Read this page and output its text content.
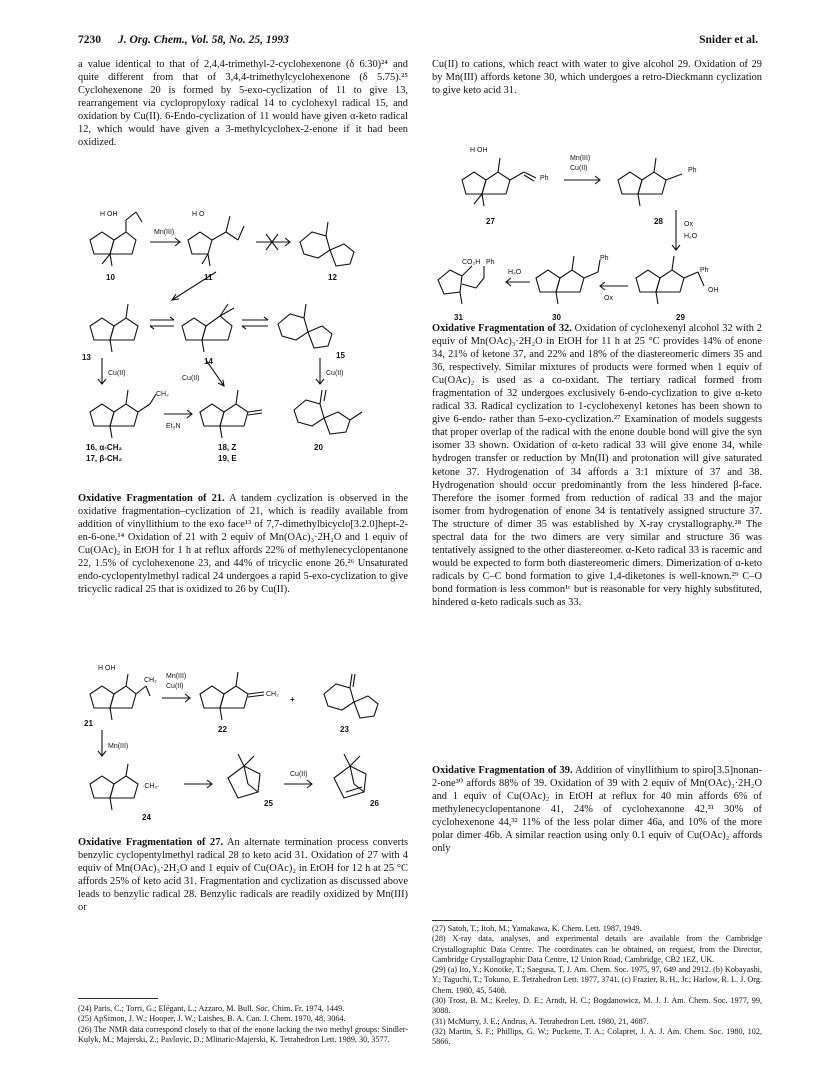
7230 J. Org. Chem., Vol. 58, No. 25, 1993	Snider et al.

a value identical to that of 2,4,4-trimethyl-2-cyclohexenone (δ 6.30)²⁴ and quite different from that of 3,4,4-trimethylcyclohexenone (δ 5.75).²⁵ Cyclohexenone 20 is formed by 5-exo-cyclization of 11 to give 13, rearrangement via cyclopropyloxy radical 14 to cyclohexyl radical 15, and oxidation by Cu(II). 6-Endo-cyclization of 11 would have given α-keto radical 12, which would have given a 3-methylcyclohex-2-enone if it had been oxidized.

H OH	H O
Mn(III)
10	11	12
13
Cu(II)
14
Cu(II)
15
Cu(II)
CH₂
Et₃N
16, α-CH₂
17, β-CH₂
18, Z
19, E
20

Oxidative Fragmentation of 21. A tandem cyclization is observed in the oxidative fragmentation–cyclization of 21, which is readily available from addition of vinyllithium to the exo face¹³ of 7,7-dimethylbicyclo[3.2.0]hept-2-en-6-one.¹⁴ Oxidation of 21 with 2 equiv of Mn(OAc)₃·2H₂O and 1 equiv of Cu(OAc)₂ in EtOH for 1 h at reflux affords 22% of methylenecyclopentanone 22, 1.5% of cyclohexenone 23, and 44% of tricyclic enone 26.²⁶ Unsaturated endo-cyclopentylmethyl radical 24 undergoes a rapid 5-exo-cyclization to give tricyclic radical 25 that is oxidized to 26 by Cu(II).

H OH
Mn(III)
Cu(II)
CH₂
CH₂
+
21
22	23
Mn(III)
·CH₂·
24
25
Cu(II)
26

Oxidative Fragmentation of 27. An alternate termination process converts benzylic cyclopentylmethyl radical 28 to keto acid 31. Oxidation of 27 with 4 equiv of Mn(OAc)₃·2H₂O and 1 equiv of Cu(OAc)₂ in EtOH for 12 h at 25 °C affords 25% of keto acid 31. Fragmentation and cyclization as discussed above leads to benzylic radical 28. Benzylic radicals are readily oxidized by Mn(III) or

(24) Paris, C.; Torri, G.; Elégant, L.; Azzaro, M. Bull. Soc. Chim. Fr. 1974, 1449.

(25) ApSimon, J. W.; Hooper, J. W.; Laishes, B. A. Can. J. Chem. 1970, 48, 3064.

(26) The NMR data correspond closely to that of the enone lacking the two methyl groups: Sindler-Kulyk, M.; Majerski, Z.; Pavlovic, D.; Mlinaric-Majerski, K. Tetrahedron Lett. 1989, 30, 3577.

Cu(II) to cations, which react with water to give alcohol 29. Oxidation of 29 by Mn(III) affords ketone 30, which undergoes a retro-Dieckmann cyclization to give keto acid 31.

H OH
Ph
Mn(III)
Cu(II)	Ph
27	28	Ox
H₂O
Ph
OH
Ox
Ph
H₂O
CO₂H Ph
31	30	29

Oxidative Fragmentation of 32. Oxidation of cyclohexenyl alcohol 32 with 2 equiv of Mn(OAc)₃·2H₂O in EtOH for 11 h at 25 °C provides 14% of enone 34, 21% of ketone 37, and 22% and 18% of the diastereomeric dimers 35 and 36, respectively. Similar mixtures of products were formed when 1 equiv of Cu(OAc)₂ is used as a co-oxidant. The tertiary radical formed from fragmentation of 32 undergoes exclusively 6-endo-cyclization to give α-keto radical 33. Radical cyclization to 1-cyclohexenyl ketones has been shown to give 6-endo- rather than 5-exo-cyclization.²⁷ Examination of models suggests that proper overlap of the radical with the enone double bond will give the syn isomer 33 shown. Oxidation of α-keto radical 33 will give enone 34, while hydrogen transfer or reduction by Mn(II) and protonation will give saturated ketone 37. Hydrogenation of 34 affords a 3:1 mixture of 37 and 38. Hydrogenation should occur predominantly from the less hindered β-face. Therefore the isomer formed from reduction of radical 33 and the major isomer from hydrogenation of enone 34 is tentatively assigned structure 37. The structure of dimer 35 was established by X-ray crystallography.²⁸ The spectral data for the two dimers are very similar and structure 36 was tentatively assigned to the other diastereomer. α-Keto radical 33 is racemic and would be expected to form both diastereomeric dimers. Dimerization of α-keto radicals by C–C bond formation to give 1,4-diketones is well-known.²⁹ C–O bond formation is less common¹ᶜ but is reasonable for very highly substituted, hindered α-keto radicals such as 33.

Oxidative Fragmentation of 39. Addition of vinyllithium to spiro[3.5]nonan-2-one³⁰ affords 88% of 39. Oxidation of 39 with 2 equiv of Mn(OAc)₃·2H₂O and 1 equiv of Cu(OAc)₂ in EtOH at reflux for 40 min affords 6% of methylenecyclopentanone 41, 24% of cyclohexanone 42,³¹ 30% of cyclohexenone 44,³² 11% of the less polar dimer 46a, and 10% of the more polar dimer 46b. A similar reaction using only 0.1 equiv of Cu(OAc)₂ affords only

(27) Satoh, T.; Itoh, M.; Yamakawa, K. Chem. Lett. 1987, 1949.

(28) X-ray data, analyses, and experimental details are available from the Cambridge Crystallographic Data Centre. The coordinates can be obtained, on request, from the Director, Cambridge Crystallographic Data Centre, 12 Union Road, Cambridge, CB2 1EZ, UK.

(29) (a) Ito, Y.; Konoike, T.; Saegusa, T. J. Am. Chem. Soc. 1975, 97, 649 and 2912. (b) Kobayashi, Y.; Taguchi, T.; Tokuno, E. Tetrahedron Lett. 1977, 3741. (c) Frazier, R. H., Jr.; Harlow, R. L. J. Org. Chem. 1980, 45, 5408.

(30) Trost, B. M.; Keeley, D. E.; Arndt, H. C.; Bogdanowicz, M. J. J. Am. Chem. Soc. 1977, 99, 3088.

(31) McMurry, J. E.; Andrus, A. Tetrahedron Lett. 1980, 21, 4687.

(32) Martin, S. F.; Phillips, G. W.; Puckette, T. A.; Colapret, J. A. J. Am. Chem. Soc. 1980, 102, 5866.
